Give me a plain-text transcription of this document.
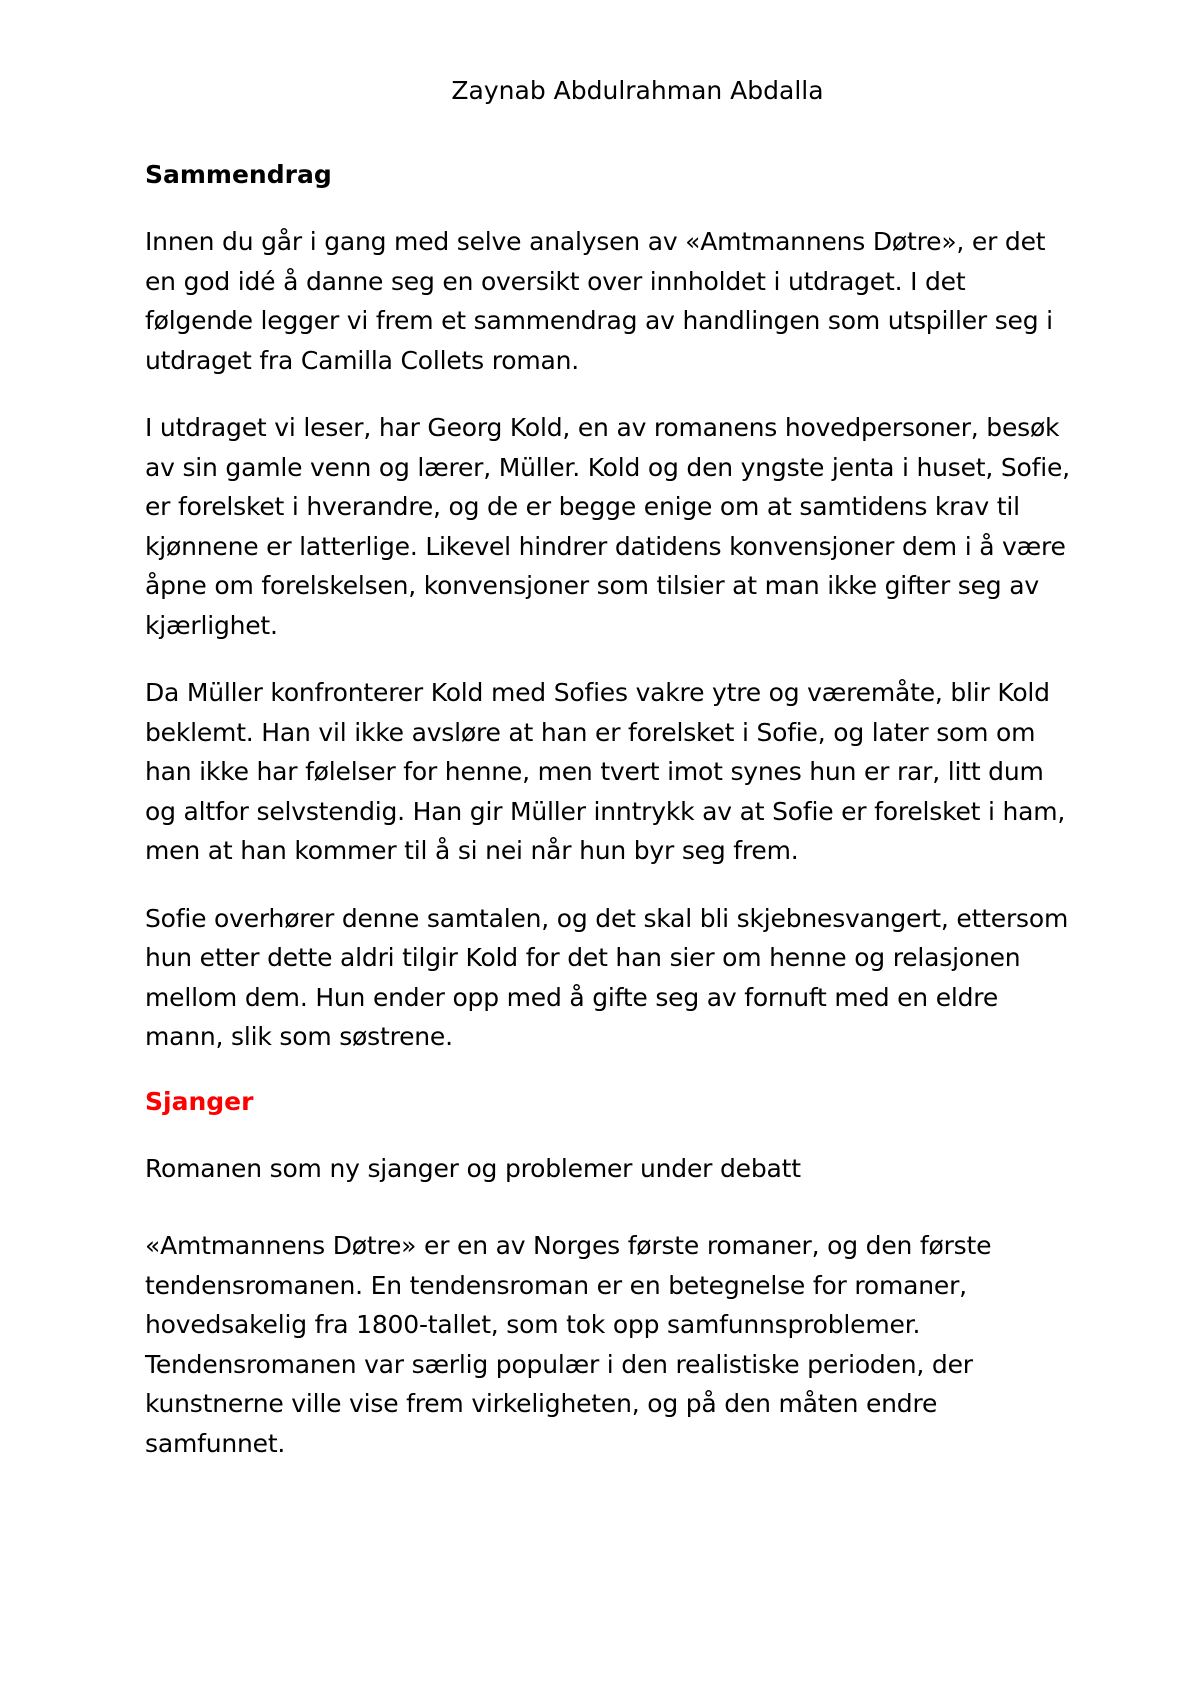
Zaynab Abdulrahman Abdalla
Sammendrag

Innen du går i gang med selve analysen av «Amtmannens Døtre», er det en god idé å danne seg en oversikt over innholdet i utdraget. I det følgende legger vi frem et sammendrag av handlingen som utspiller seg i utdraget fra Camilla Collets roman.

I utdraget vi leser, har Georg Kold, en av romanens hovedpersoner, besøk av sin gamle venn og lærer, Müller. Kold og den yngste jenta i huset, Sofie, er forelsket i hverandre, og de er begge enige om at samtidens krav til kjønnene er latterlige. Likevel hindrer datidens konvensjoner dem i å være åpne om forelskelsen, konvensjoner som tilsier at man ikke gifter seg av kjærlighet.

Da Müller konfronterer Kold med Sofies vakre ytre og væremåte, blir Kold beklemt. Han vil ikke avsløre at han er forelsket i Sofie, og later som om han ikke har følelser for henne, men tvert imot synes hun er rar, litt dum og altfor selvstendig. Han gir Müller inntrykk av at Sofie er forelsket i ham, men at han kommer til å si nei når hun byr seg frem.

Sofie overhører denne samtalen, og det skal bli skjebnesvangert, ettersom hun etter dette aldri tilgir Kold for det han sier om henne og relasjonen mellom dem. Hun ender opp med å gifte seg av fornuft med en eldre mann, slik som søstrene.

Sjanger

Romanen som ny sjanger og problemer under debatt

«Amtmannens Døtre» er en av Norges første romaner, og den første tendensromanen. En tendensroman er en betegnelse for romaner, hovedsakelig fra 1800-tallet, som tok opp samfunnsproblemer. Tendensromanen var særlig populær i den realistiske perioden, der kunstnerne ville vise frem virkeligheten, og på den måten endre samfunnet.
